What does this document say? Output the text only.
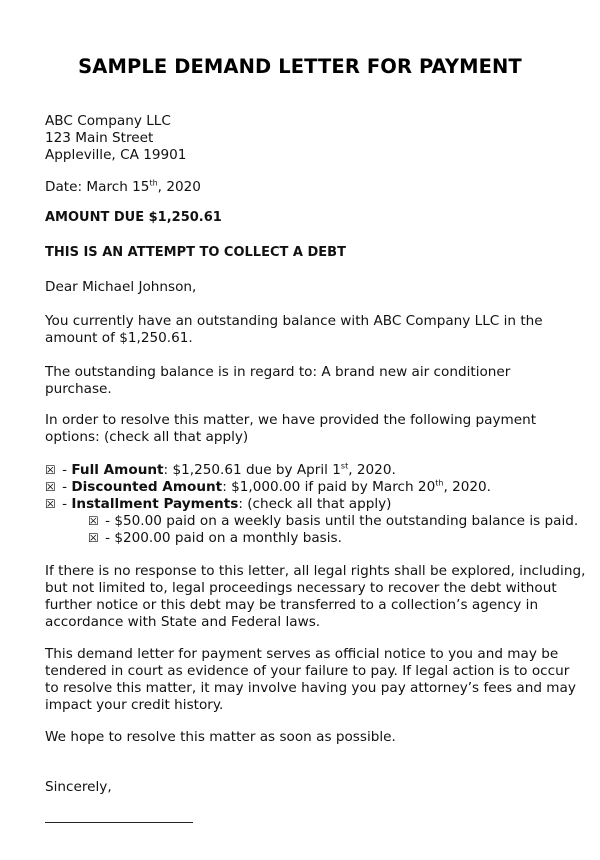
SAMPLE DEMAND LETTER FOR PAYMENT
ABC Company LLC
123 Main Street
Appleville, CA 19901
Date: March 15th, 2020
AMOUNT DUE $1,250.61
THIS IS AN ATTEMPT TO COLLECT A DEBT
Dear Michael Johnson,
You currently have an outstanding balance with ABC Company LLC in the
amount of $1,250.61.
The outstanding balance is in regard to: A brand new air conditioner
purchase.
In order to resolve this matter, we have provided the following payment
options: (check all that apply)
☒ - Full Amount: $1,250.61 due by April 1st, 2020.
☒ - Discounted Amount: $1,000.00 if paid by March 20th, 2020.
☒ - Installment Payments: (check all that apply)
☒ - $50.00 paid on a weekly basis until the outstanding balance is paid.
☒ - $200.00 paid on a monthly basis.
If there is no response to this letter, all legal rights shall be explored, including,
but not limited to, legal proceedings necessary to recover the debt without
further notice or this debt may be transferred to a collection’s agency in
accordance with State and Federal laws.
This demand letter for payment serves as official notice to you and may be
tendered in court as evidence of your failure to pay. If legal action is to occur
to resolve this matter, it may involve having you pay attorney’s fees and may
impact your credit history.
We hope to resolve this matter as soon as possible.
Sincerely,
